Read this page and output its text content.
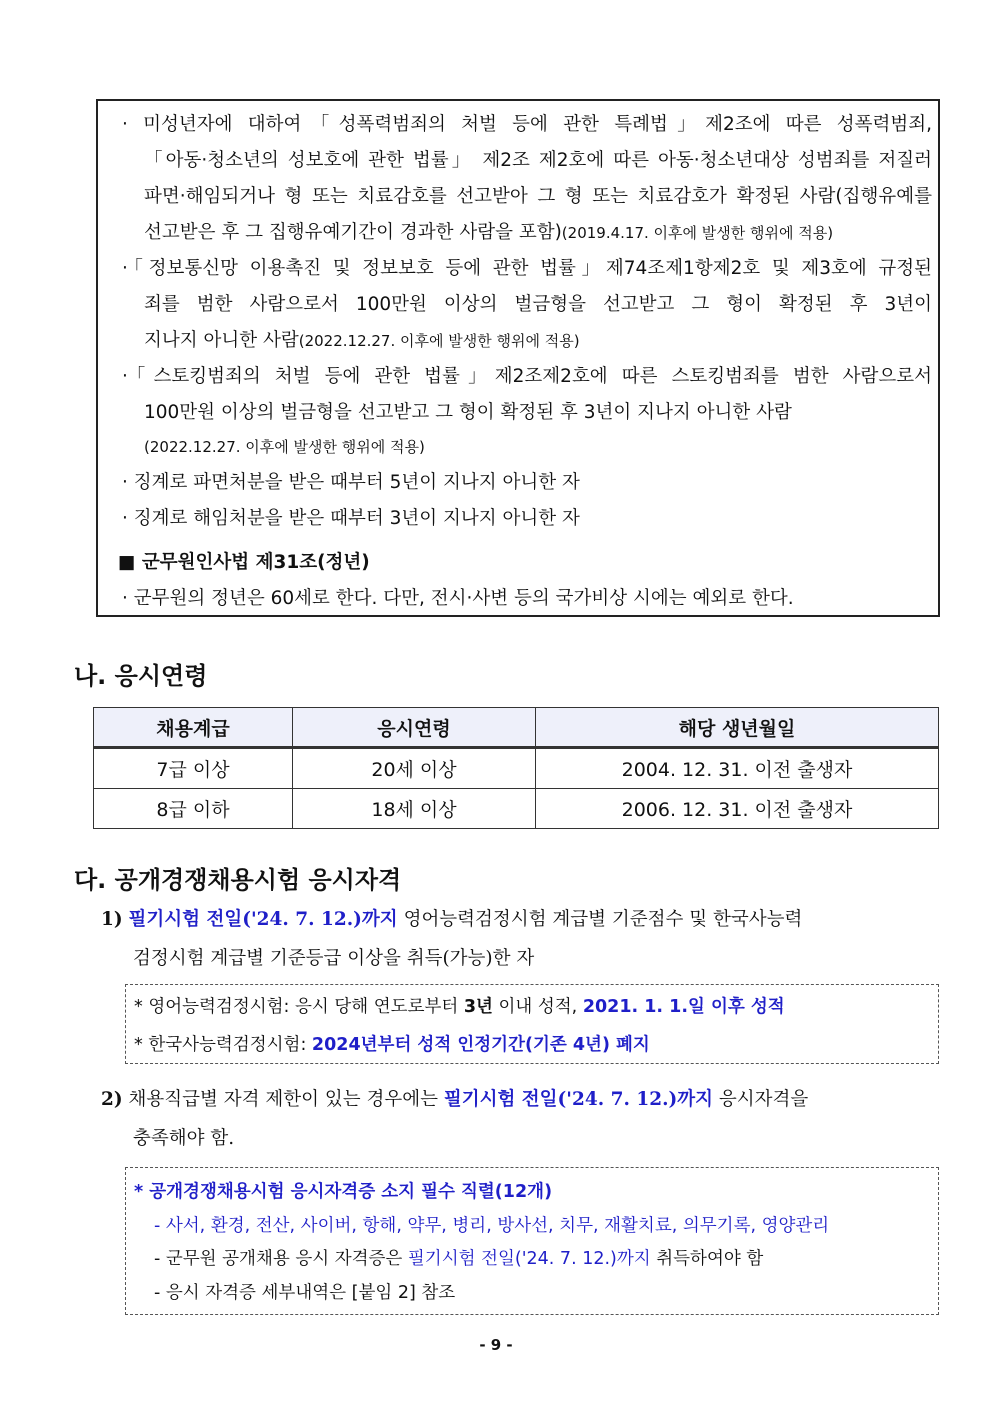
· 미성년자에 대하여「성폭력범죄의 처벌 등에 관한 특례법」제2조에 따른 성폭력범죄,
「아동·청소년의 성보호에 관한 법률」 제2조 제2호에 따른 아동·청소년대상 성범죄를 저질러
파면·해임되거나 형 또는 치료감호를 선고받아 그 형 또는 치료감호가 확정된 사람(집행유예를
선고받은 후 그 집행유예기간이 경과한 사람을 포함)(2019.4.17. 이후에 발생한 행위에 적용)
·「정보통신망 이용촉진 및 정보보호 등에 관한 법률」제74조제1항제2호 및 제3호에 규정된
죄를 범한 사람으로서 100만원 이상의 벌금형을 선고받고 그 형이 확정된 후 3년이
지나지 아니한 사람(2022.12.27. 이후에 발생한 행위에 적용)
·「스토킹범죄의 처벌 등에 관한 법률」제2조제2호에 따른 스토킹범죄를 범한 사람으로서
100만원 이상의 벌금형을 선고받고 그 형이 확정된 후 3년이 지나지 아니한 사람
(2022.12.27. 이후에 발생한 행위에 적용)
· 징계로 파면처분을 받은 때부터 5년이 지나지 아니한 자
· 징계로 해임처분을 받은 때부터 3년이 지나지 아니한 자
■ 군무원인사법 제31조(정년)
· 군무원의 정년은 60세로 한다. 다만, 전시·사변 등의 국가비상 시에는 예외로 한다.
나. 응시연령
채용계급	응시연령	해당 생년월일
7급 이상	20세 이상	2004. 12. 31. 이전 출생자
8급 이하	18세 이상	2006. 12. 31. 이전 출생자
다. 공개경쟁채용시험 응시자격
1) 필기시험 전일('24. 7. 12.)까지 영어능력검정시험 계급별 기준점수 및 한국사능력
검정시험 계급별 기준등급 이상을 취득(가능)한 자
* 영어능력검정시험: 응시 당해 연도로부터 3년 이내 성적, 2021. 1. 1.일 이후 성적
* 한국사능력검정시험: 2024년부터 성적 인정기간(기존 4년) 폐지
2) 채용직급별 자격 제한이 있는 경우에는 필기시험 전일('24. 7. 12.)까지 응시자격을
충족해야 함.
* 공개경쟁채용시험 응시자격증 소지 필수 직렬(12개)
- 사서, 환경, 전산, 사이버, 항해, 약무, 병리, 방사선, 치무, 재활치료, 의무기록, 영양관리
- 군무원 공개채용 응시 자격증은 필기시험 전일('24. 7. 12.)까지 취득하여야 함
- 응시 자격증 세부내역은 [붙임 2] 참조
- 9 -
